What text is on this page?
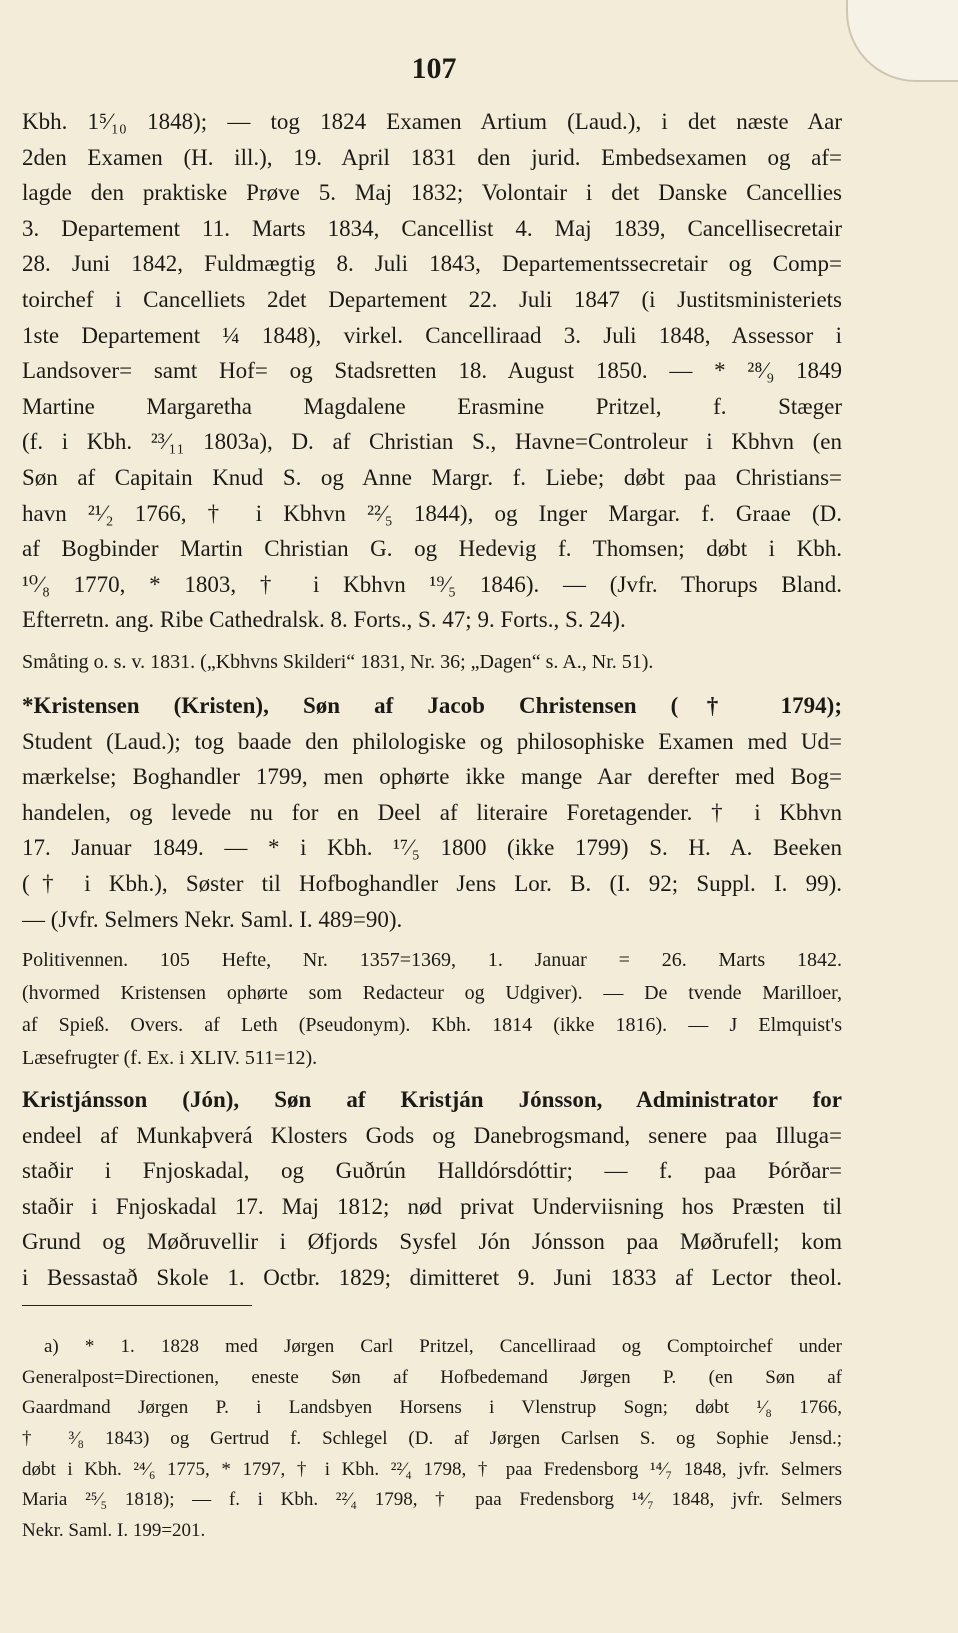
107
Kbh. 1⁵⁄₁₀ 1848); — tog 1824 Examen Artium (Laud.), i det næste Aar
2den Examen (H. ill.), 19. April 1831 den jurid. Embedsexamen og af=
lagde den praktiske Prøve 5. Maj 1832; Volontair i det Danske Cancellies
3. Departement 11. Marts 1834, Cancellist 4. Maj 1839, Cancellisecretair
28. Juni 1842, Fuldmægtig 8. Juli 1843, Departementssecretair og Comp=
toirchef i Cancelliets 2det Departement 22. Juli 1847 (i Justitsministeriets
1ste Departement ¼ 1848), virkel. Cancelliraad 3. Juli 1848, Assessor i
Landsover= samt Hof= og Stadsretten 18. August 1850. — * ²⁸⁄₉ 1849
Martine Margaretha Magdalene Erasmine Pritzel, f. Stæger
(f. i Kbh. ²³⁄₁₁ 1803a), D. af Christian S., Havne=Controleur i Kbhvn (en
Søn af Capitain Knud S. og Anne Margr. f. Liebe; døbt paa Christians=
havn ²¹⁄₂ 1766, † i Kbhvn ²²⁄₅ 1844), og Inger Margar. f. Graae (D.
af Bogbinder Martin Christian G. og Hedevig f. Thomsen; døbt i Kbh.
¹⁰⁄₈ 1770, * 1803, † i Kbhvn ¹⁹⁄₅ 1846). — (Jvfr. Thorups Bland.
Efterretn. ang. Ribe Cathedralsk. 8. Forts., S. 47; 9. Forts., S. 24).
Småting o. s. v. 1831. („Kbhvns Skilderi“ 1831, Nr. 36; „Dagen“ s. A., Nr. 51).
*Kristensen (Kristen), Søn af Jacob Christensen († 1794);
Student (Laud.); tog baade den philologiske og philosophiske Examen med Ud=
mærkelse; Boghandler 1799, men ophørte ikke mange Aar derefter med Bog=
handelen, og levede nu for en Deel af literaire Foretagender. † i Kbhvn
17. Januar 1849. — * i Kbh. ¹⁷⁄₅ 1800 (ikke 1799) S. H. A. Beeken
(† i Kbh.), Søster til Hofboghandler Jens Lor. B. (I. 92; Suppl. I. 99).
— (Jvfr. Selmers Nekr. Saml. I. 489=90).
Politivennen. 105 Hefte, Nr. 1357=1369, 1. Januar = 26. Marts 1842.
(hvormed Kristensen ophørte som Redacteur og Udgiver). — De tvende Marilloer,
af Spieß. Overs. af Leth (Pseudonym). Kbh. 1814 (ikke 1816). — J Elmquist's
Læsefrugter (f. Ex. i XLIV. 511=12).
Kristjánsson (Jón), Søn af Kristján Jónsson, Administrator for
endeel af Munkaþverá Klosters Gods og Danebrogsmand, senere paa Illuga=
staðir i Fnjoskadal, og Guðrún Halldórsdóttir; — f. paa Þórðar=
staðir i Fnjoskadal 17. Maj 1812; nød privat Underviisning hos Præsten til
Grund og Møðruvellir i Øfjords Sysfel Jón Jónsson paa Møðrufell; kom
i Bessastað Skole 1. Octbr. 1829; dimitteret 9. Juni 1833 af Lector theol.
a) * 1. 1828 med Jørgen Carl Pritzel, Cancelliraad og Comptoirchef under
Generalpost=Directionen, eneste Søn af Hofbedemand Jørgen P. (en Søn af
Gaardmand Jørgen P. i Landsbyen Horsens i Vlenstrup Sogn; døbt ¹⁄₈ 1766,
† ³⁄₈ 1843) og Gertrud f. Schlegel (D. af Jørgen Carlsen S. og Sophie Jensd.;
døbt i Kbh. ²⁴⁄₆ 1775, * 1797, † i Kbh. ²²⁄₄ 1798, † paa Fredensborg ¹⁴⁄₇ 1848, jvfr. Selmers
Maria ²⁵⁄₅ 1818); — f. i Kbh. ²²⁄₄ 1798, † paa Fredensborg ¹⁴⁄₇ 1848, jvfr. Selmers
Nekr. Saml. I. 199=201.
